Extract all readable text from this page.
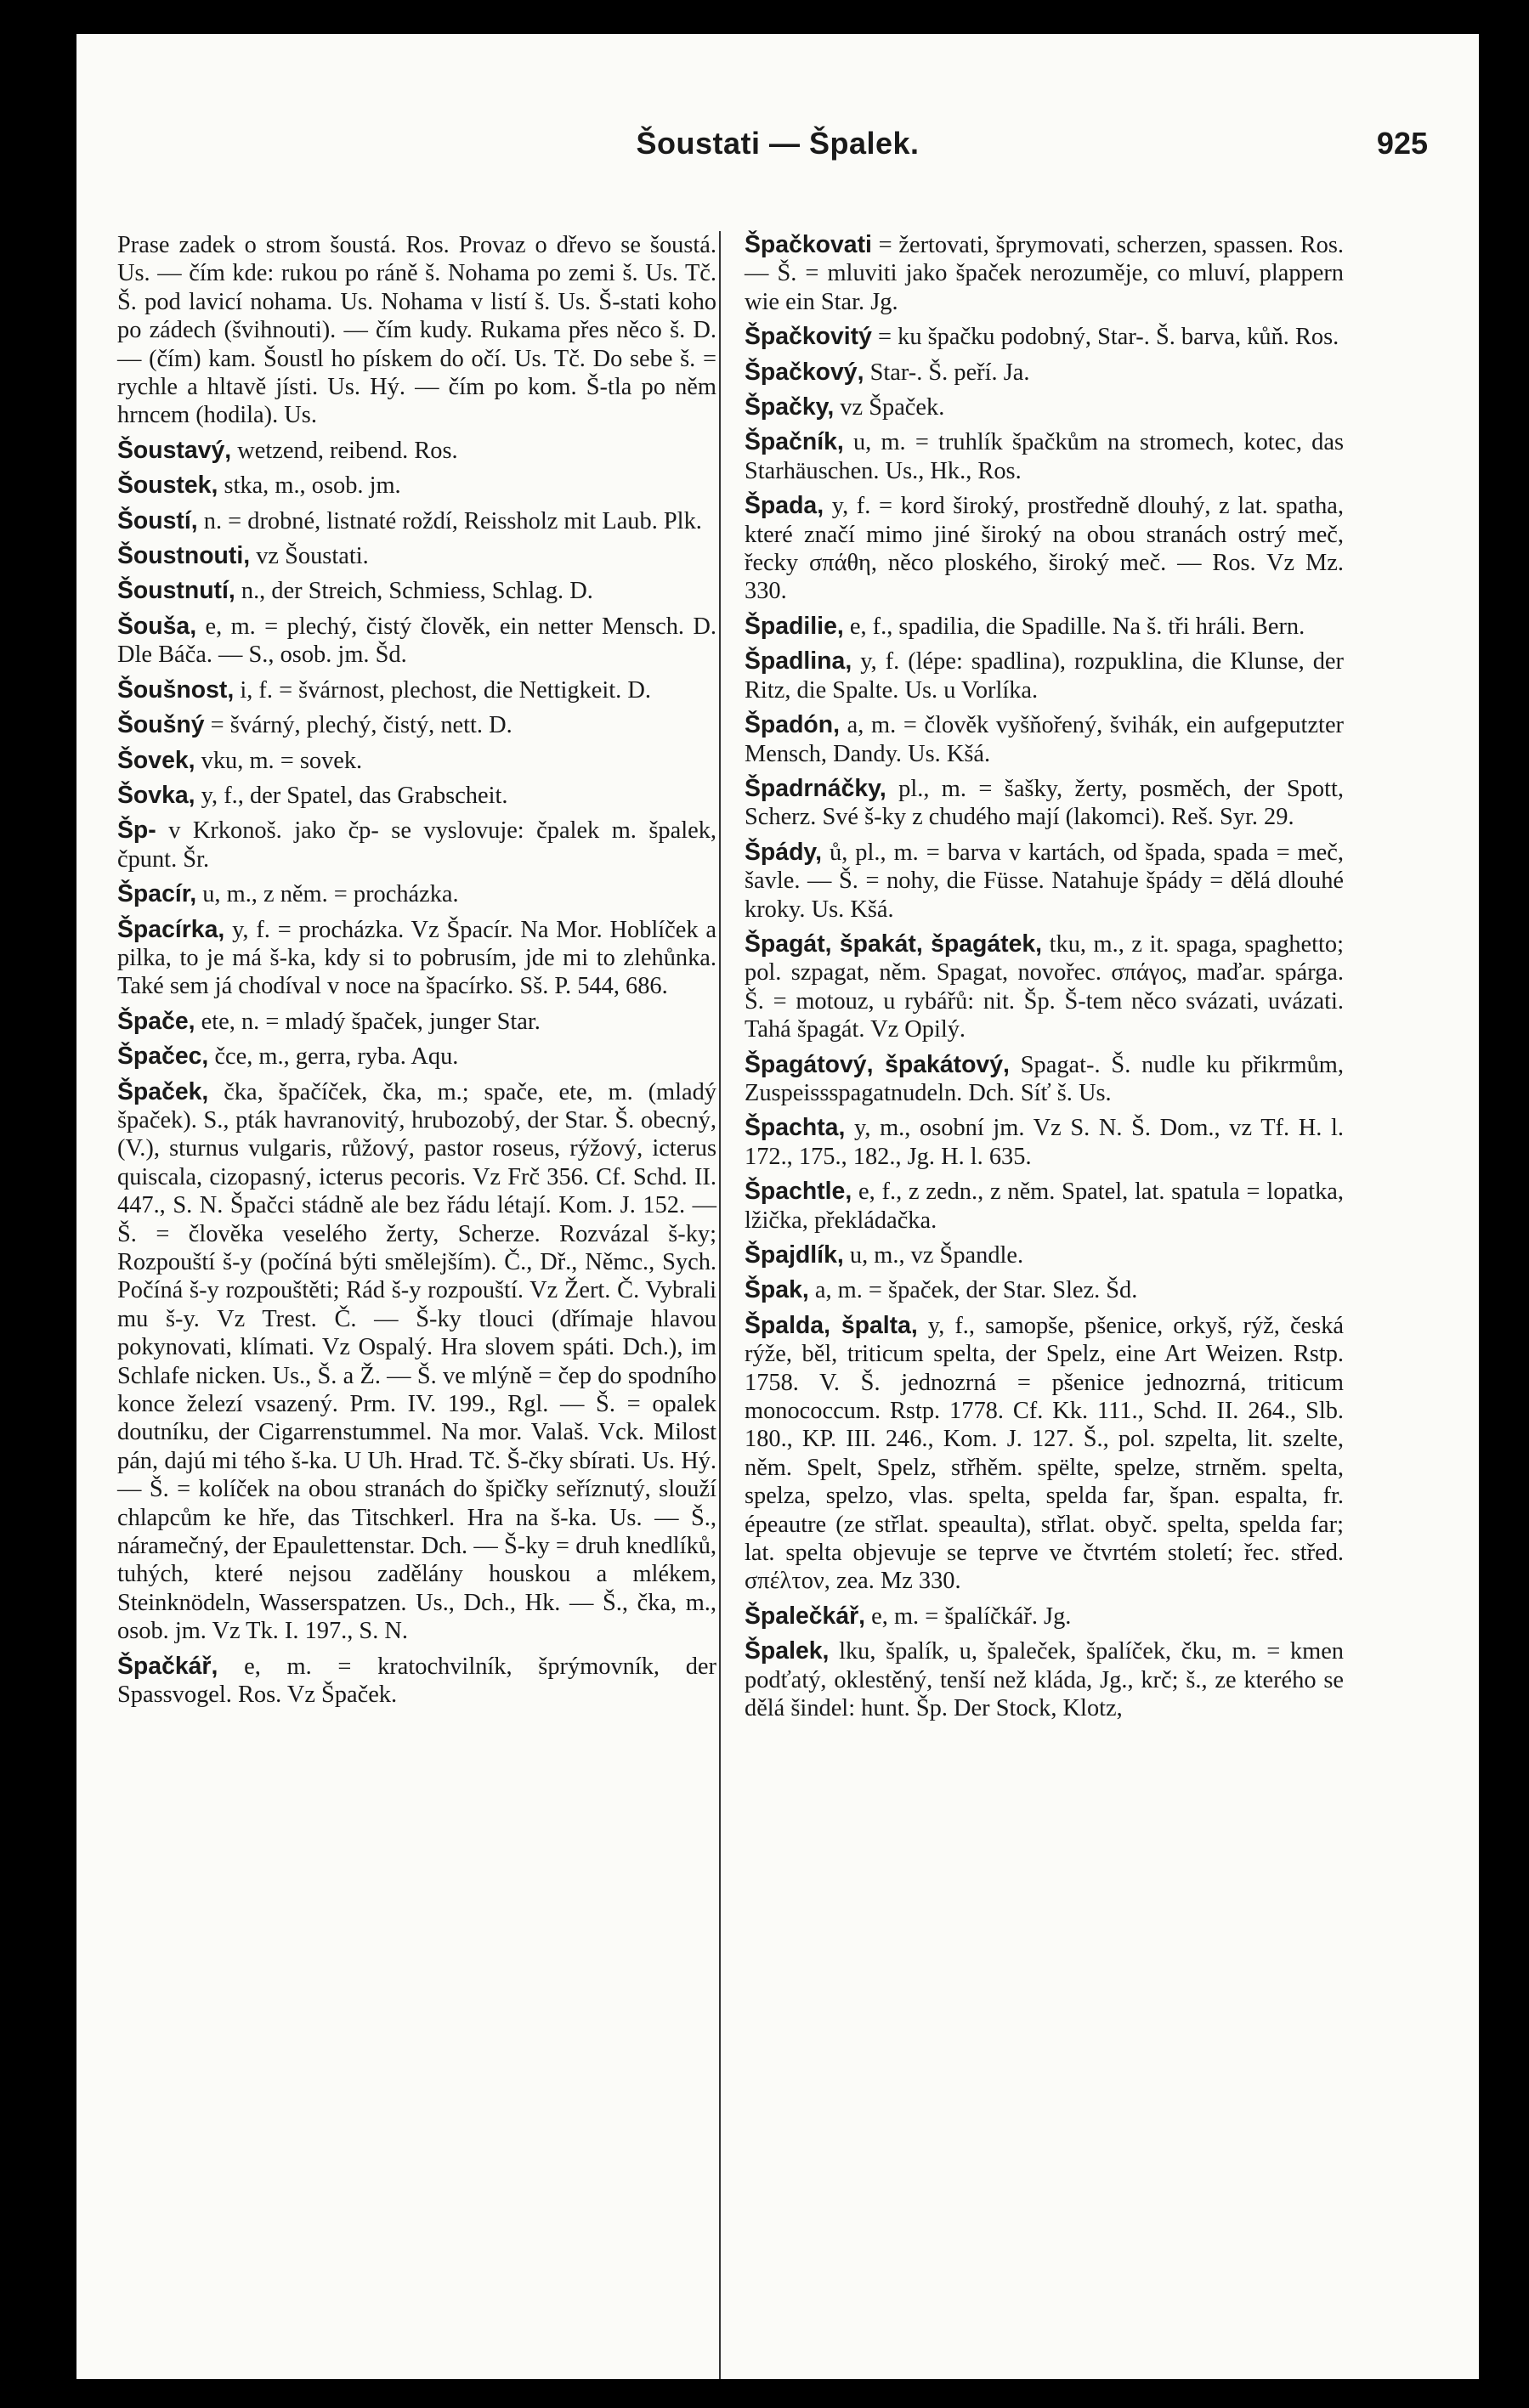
Šoustati — Špalek.	925

Prase zadek o strom šoustá. Ros. Provaz o dřevo se šoustá. Us. — čím kde: rukou po ráně š. Nohama po zemi š. Us. Tč. Š. pod lavicí nohama. Us. Nohama v listí š. Us. Š-stati koho po zádech (švihnouti). — čím kudy. Rukama přes něco š. D. — (čím) kam. Šoustl ho pískem do očí. Us. Tč. Do sebe š. = rychle a hltavě jísti. Us. Hý. — čím po kom. Š-tla po něm hrncem (hodila). Us.

Šoustavý, wetzend, reibend. Ros.

Šoustek, stka, m., osob. jm.

Šoustí, n. = drobné, listnaté roždí, Reissholz mit Laub. Plk.

Šoustnouti, vz Šoustati.

Šoustnutí, n., der Streich, Schmiess, Schlag. D.

Šouša, e, m. = plechý, čistý člověk, ein netter Mensch. D. Dle Báča. — S., osob. jm. Šd.

Šoušnost, i, f. = švárnost, plechost, die Nettigkeit. D.

Šoušný = švárný, plechý, čistý, nett. D.

Šovek, vku, m. = sovek.

Šovka, y, f., der Spatel, das Grabscheit.

Šp- v Krkonoš. jako čp- se vyslovuje: čpalek m. špalek, čpunt. Šr.

Špacír, u, m., z něm. = procházka.

Špacírka, y, f. = procházka. Vz Špacír. Na Mor. Hoblíček a pilka, to je má š-ka, kdy si to pobrusím, jde mi to zlehůnka. Také sem já chodíval v noce na špacírko. Sš. P. 544, 686.

Špače, ete, n. = mladý špaček, junger Star.

Špačec, čce, m., gerra, ryba. Aqu.

Špaček, čka, špačíček, čka, m.; spače, ete, m. (mladý špaček). S., pták havranovitý, hrubozobý, der Star. Š. obecný, (V.), sturnus vulgaris, růžový, pastor roseus, rýžový, icterus quiscala, cizopasný, icterus pecoris. Vz Frč 356. Cf. Schd. II. 447., S. N. Špačci stádně ale bez řádu létají. Kom. J. 152. — Š. = člověka veselého žerty, Scherze. Rozvázal š-ky; Rozpouští š-y (počíná býti smělejším). Č., Dř., Němc., Sych. Počíná š-y rozpouštěti; Rád š-y rozpouští. Vz Žert. Č. Vybrali mu š-y. Vz Trest. Č. — Š-ky tlouci (dřímaje hlavou pokynovati, klímati. Vz Ospalý. Hra slovem spáti. Dch.), im Schlafe nicken. Us., Š. a Ž. — Š. ve mlýně = čep do spodního konce železí vsazený. Prm. IV. 199., Rgl. — Š. = opalek doutníku, der Cigarrenstummel. Na mor. Valaš. Vck. Milost pán, dajú mi tého š-ka. U Uh. Hrad. Tč. Š-čky sbírati. Us. Hý. — Š. = kolíček na obou stranách do špičky seříznutý, slouží chlapcům ke hře, das Titschkerl. Hra na š-ka. Us. — Š., náramečný, der Epaulettenstar. Dch. — Š-ky = druh knedlíků, tuhých, které nejsou zadělány houskou a mlékem, Steinknödeln, Wasserspatzen. Us., Dch., Hk. — Š., čka, m., osob. jm. Vz Tk. I. 197., S. N.

Špačkář, e, m. = kratochvilník, šprýmovník, der Spassvogel. Ros. Vz Špaček.

Špačkovati = žertovati, šprymovati, scherzen, spassen. Ros. — Š. = mluviti jako špaček nerozuměje, co mluví, plappern wie ein Star. Jg.

Špačkovitý = ku špačku podobný, Star-. Š. barva, kůň. Ros.

Špačkový, Star-. Š. peří. Ja.

Špačky, vz Špaček.

Špačník, u, m. = truhlík špačkům na stromech, kotec, das Starhäuschen. Us., Hk., Ros.

Špada, y, f. = kord široký, prostředně dlouhý, z lat. spatha, které značí mimo jiné široký na obou stranách ostrý meč, řecky σπάθη, něco ploského, široký meč. — Ros. Vz Mz. 330.

Špadilie, e, f., spadilia, die Spadille. Na š. tři hráli. Bern.

Špadlina, y, f. (lépe: spadlina), rozpuklina, die Klunse, der Ritz, die Spalte. Us. u Vorlíka.

Špadón, a, m. = člověk vyšňořený, švihák, ein aufgeputzter Mensch, Dandy. Us. Kšá.

Špadrnáčky, pl., m. = šašky, žerty, posměch, der Spott, Scherz. Své š-ky z chudého mají (lakomci). Reš. Syr. 29.

Špády, ů, pl., m. = barva v kartách, od špada, spada = meč, šavle. — Š. = nohy, die Füsse. Natahuje špády = dělá dlouhé kroky. Us. Kšá.

Špagát, špakát, špagátek, tku, m., z it. spaga, spaghetto; pol. szpagat, něm. Spagat, novořec. σπάγος, maďar. spárga. Š. = motouz, u rybářů: nit. Šp. Š-tem něco svázati, uvázati. Tahá špagát. Vz Opilý.

Špagátový, špakátový, Spagat-. Š. nudle ku přikrmům, Zuspeissspagatnudeln. Dch. Síť š. Us.

Špachta, y, m., osobní jm. Vz S. N. Š. Dom., vz Tf. H. l. 172., 175., 182., Jg. H. l. 635.

Špachtle, e, f., z zedn., z něm. Spatel, lat. spatula = lopatka, lžička, překládačka.

Špajdlík, u, m., vz Špandle.

Špak, a, m. = špaček, der Star. Slez. Šd.

Špalda, špalta, y, f., samopše, pšenice, orkyš, rýž, česká rýže, běl, triticum spelta, der Spelz, eine Art Weizen. Rstp. 1758. V. Š. jednozrná = pšenice jednozrná, triticum monococcum. Rstp. 1778. Cf. Kk. 111., Schd. II. 264., Slb. 180., KP. III. 246., Kom. J. 127. Š., pol. szpelta, lit. szelte, něm. Spelt, Spelz, střhěm. spëlte, spelze, strněm. spelta, spelza, spelzo, vlas. spelta, spelda far, špan. espalta, fr. épeautre (ze střlat. speaulta), střlat. obyč. spelta, spelda far; lat. spelta objevuje se teprve ve čtvrtém století; řec. střed. σπέλτον, zea. Mz 330.

Špalečkář, e, m. = špalíčkář. Jg.

Špalek, lku, špalík, u, špaleček, špalíček, čku, m. = kmen podťatý, oklestěný, tenší než kláda, Jg., krč; š., ze kterého se dělá šindel: hunt. Šp. Der Stock, Klotz,
